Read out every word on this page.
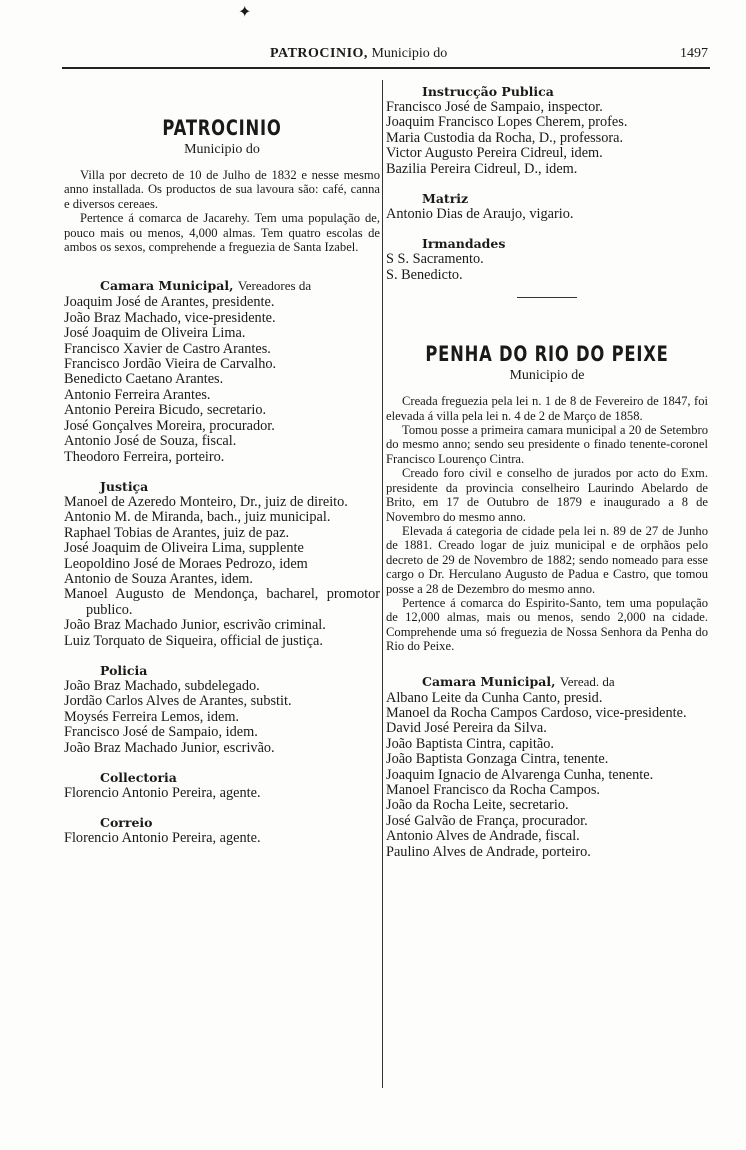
✦
PATROCINIO, Municipio do	1497
PATROCINIO
Municipio do

Villa por decreto de 10 de Julho de 1832 e nesse mesmo anno installada. Os productos de sua lavoura são: café, canna e diversos cereaes.

Pertence á comarca de Jacarehy. Tem uma população de, pouco mais ou menos, 4,000 almas. Tem quatro escolas de ambos os sexos, comprehende a freguezia de Santa Izabel.

Camara Municipal, Vereadores da

Joaquim José de Arantes, presidente.

João Braz Machado, vice-presidente.

José Joaquim de Oliveira Lima.

Francisco Xavier de Castro Arantes.

Francisco Jordão Vieira de Carvalho.

Benedicto Caetano Arantes.

Antonio Ferreira Arantes.

Antonio Pereira Bicudo, secretario.

José Gonçalves Moreira, procurador.

Antonio José de Souza, fiscal.

Theodoro Ferreira, porteiro.

Justiça

Manoel de Azeredo Monteiro, Dr., juiz de direito.

Antonio M. de Miranda, bach., juiz municipal.

Raphael Tobias de Arantes, juiz de paz.

José Joaquim de Oliveira Lima, supplente

Leopoldino José de Moraes Pedrozo, idem

Antonio de Souza Arantes, idem.

Manoel Augusto de Mendonça, bacharel, promotor publico.

João Braz Machado Junior, escrivão criminal.

Luiz Torquato de Siqueira, official de justiça.

Policia

João Braz Machado, subdelegado.

Jordão Carlos Alves de Arantes, substit.

Moysés Ferreira Lemos, idem.

Francisco José de Sampaio, idem.

João Braz Machado Junior, escrivão.

Collectoria

Florencio Antonio Pereira, agente.

Correio

Florencio Antonio Pereira, agente.

Instrucção Publica

Francisco José de Sampaio, inspector.

Joaquim Francisco Lopes Cherem, profes.

Maria Custodia da Rocha, D., professora.

Victor Augusto Pereira Cidreul, idem.

Bazilia Pereira Cidreul, D., idem.

Matriz

Antonio Dias de Araujo, vigario.

Irmandades

S S. Sacramento.

S. Benedicto.

PENHA DO RIO DO PEIXE
Municipio de

Creada freguezia pela lei n. 1 de 8 de Fevereiro de 1847, foi elevada á villa pela lei n. 4 de 2 de Março de 1858.

Tomou posse a primeira camara municipal a 20 de Setembro do mesmo anno; sendo seu presidente o finado tenente-coronel Francisco Lourenço Cintra.

Creado foro civil e conselho de jurados por acto do Exm. presidente da provincia conselheiro Laurindo Abelardo de Brito, em 17 de Outubro de 1879 e inaugurado a 8 de Novembro do mesmo anno.

Elevada á categoria de cidade pela lei n. 89 de 27 de Junho de 1881. Creado logar de juiz municipal e de orphãos pelo decreto de 29 de Novembro de 1882; sendo nomeado para esse cargo o Dr. Herculano Augusto de Padua e Castro, que tomou posse a 28 de Dezembro do mesmo anno.

Pertence á comarca do Espirito-Santo, tem uma população de 12,000 almas, mais ou menos, sendo 2,000 na cidade. Comprehende uma só freguezia de Nossa Senhora da Penha do Rio do Peixe.

Camara Municipal, Veread. da

Albano Leite da Cunha Canto, presid.

Manoel da Rocha Campos Cardoso, vice-presidente.

David José Pereira da Silva.

João Baptista Cintra, capitão.

João Baptista Gonzaga Cintra, tenente.

Joaquim Ignacio de Alvarenga Cunha, tenente.

Manoel Francisco da Rocha Campos.

João da Rocha Leite, secretario.

José Galvão de França, procurador.

Antonio Alves de Andrade, fiscal.

Paulino Alves de Andrade, porteiro.
